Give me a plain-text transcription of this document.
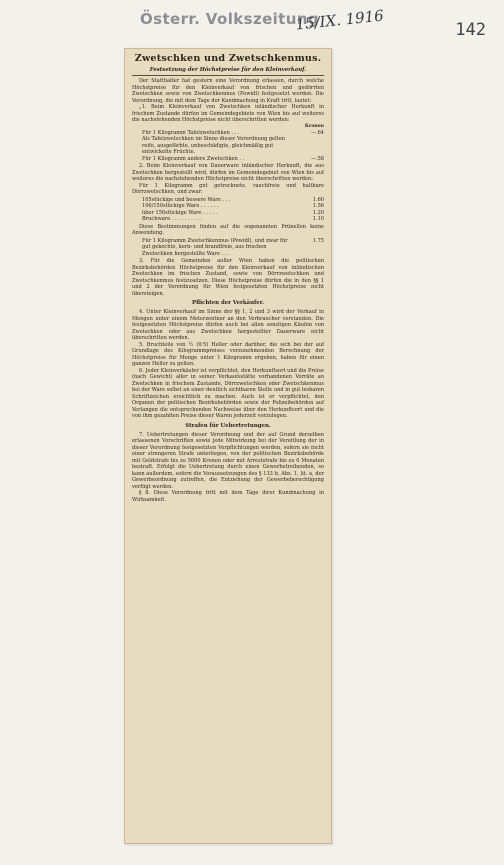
Österr. Volkszeitung
15/IX. 1916	142
Zwetschken und Zwetschkenmus.
Festsetzung der Höchstpreise für den Kleinverkauf.

Der Statthalter hat gestern eine Verordnung erlassen, durch welche Höchstpreise für den Kleinverkauf von frischen und gedörrten Zwetschken sowie von Zwetschkenmus (Powidl) festgesetzt werden. Die Verordnung, die mit dem Tage der Kundmachung in Kraft tritt, lautet:

„1. Beim Kleinverkauf von Zwetschken inländischer Herkunft in frischem Zustande dürfen im Gemeindegebiete von Wien bis auf weiteres die nachstehenden Höchstpreise nicht überschritten werden:

Kronen
Für 1 Kilogramm Tafelzwetschken . . .	—.64
Als Tafelzwetschken im Sinne dieser Verordnung gelten reife, ausgefärbte, unbeschädigte, gleichmäßig gut entwickelte Früchte.	
Für 1 Kilogramm andere Zwetschken . .	—.58

2. Beim Kleinverkauf von Dauerware inländischer Herkunft, die aus Zwetschken hergestellt wird, dürfen im Gemeindegebiet von Wien bis auf weiteres die nachstehenden Höchstpreise nicht überschritten werden:

Für 1 Kilogramm gut getrocknete, rauchfreie und haltbare Dörrzwetschken, und zwar:

105stückige und bessere Ware . . .	1.60
106/150stückige Ware . . . . . .	1.56
über 150stückige Ware . . . . .	1.20
Bruchware . . . . . . . . . .	1.10

Diese Bestimmungen finden auf die sogenannten Prünellen keine Anwendung.

Für 1 Kilogramm Zwetschkenmus (Powidl), und zwar für gut gekochte, kern- und brandfreie, aus frischen Zwetschken hergestellte Ware . . .	1.75

3. Für die Gemeinden außer Wien haben die politischen Bezirksbehörden Höchstpreise für den Kleinverkauf von inländischen Zwetschken im frischen Zustand, sowie von Dörrzwetschken und Zwetschkenmus festzusetzen. Diese Höchstpreise dürfen die in den §§ 1 und 2 der Verordnung für Wien festgesetzten Höchstpreise nicht übersteigen.

Pflichten der Verkäufer.

4. Unter Kleinverkauf im Sinne der §§ 1, 2 und 3 wird der Verkauf in Mengen unter einem Meterzentner an den Verbraucher verstanden. Die festgesetzten Höchstpreise dürfen auch bei allen sonstigen Käufen von Zwetschken oder aus Zwetschken hergestellter Dauerware nicht überschritten werden.

5. Bruchteile von ½ (0·5) Heller oder darüber, die sich bei der auf Grundlage des Kilogrammpreises vorzunehmenden Berechnung der Höchstpreise für Menge unter 1 Kilogramm ergeben, haben für einen ganzen Heller zu gelten.

6. Jeder Kleinverkäufer ist verpflichtet, den Herkunftsort und die Preise (nach Gewicht) aller in seiner Verkaufsstätte vorhandenen Vorräte an Zwetschken in frischem Zustande, Dörrzwetschken oder Zwetschkenmus bei der Ware selbst an einer deutlich sichtbaren Stelle und in gut lesbaren Schriftzeichen ersichtlich zu machen. Auch ist er verpflichtet, den Organen der politischen Bezirksbehörden sowie der Polizeibehörden auf Verlangen die entsprechenden Nachweise über den Herkunftsort und die von ihm gezahlten Preise dieser Waren jederzeit vorzulegen.

Strafen für Uebertretungen.

7. Uebertretungen dieser Verordnung und der auf Grund derselben erlassenen Vorschriften sowie jede Mitwirkung bei der Vereitlung der in dieser Verordnung festgesetzten Verpflichtungen werden, sofern sie nicht einer strengeren Strafe unterliegen, von der politischen Bezirksbehörde mit Geldstrafe bis zu 5000 Kronen oder mit Arreststrafe bis zu 6 Monaten bestraft. Erfolgt die Uebertretung durch einen Gewerbetreibenden, so kann außerdem, sofern die Voraussetzungen des § 133 b, Abs. 1, lit. a, der Gewerbeordnung zutreffen, die Entziehung der Gewerbeberechtigung verfügt werden.

§ 8. Diese Verordnung tritt mit dem Tage ihrer Kundmachung in Wirksamkeit.
